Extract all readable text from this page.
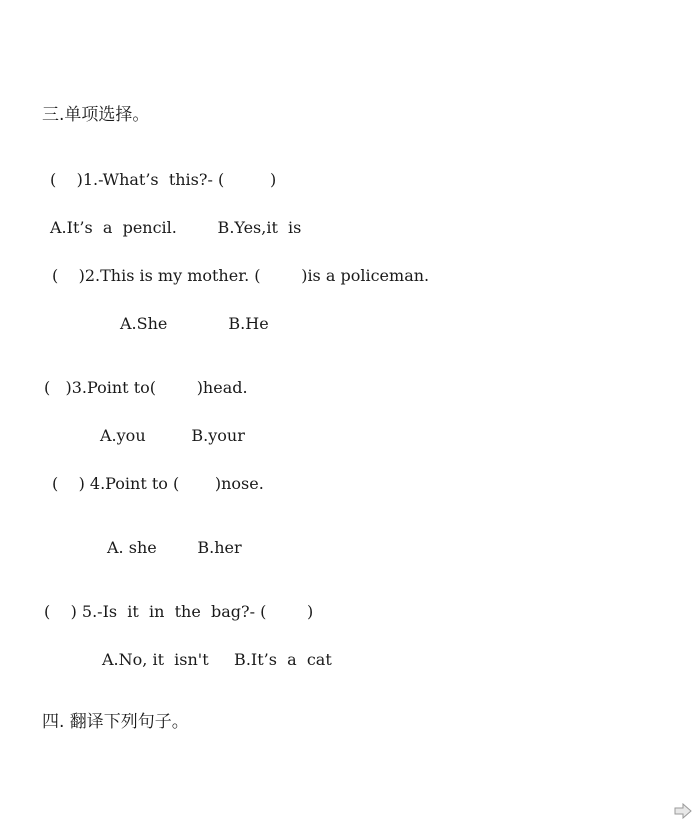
三.单项选择。
(    )1.-What’s  this?- (         )
A.It’s  a  pencil.        B.Yes,it  is
(    )2.This is my mother. (        )is a policeman.
A.She            B.He
(   )3.Point to(        )head.
A.you         B.your
(    ) 4.Point to (       )nose.
A. she        B.her
(    ) 5.-Is  it  in  the  bag?- (        )
A.No, it  isn't     B.It’s  a  cat
四. 翻译下列句子。
